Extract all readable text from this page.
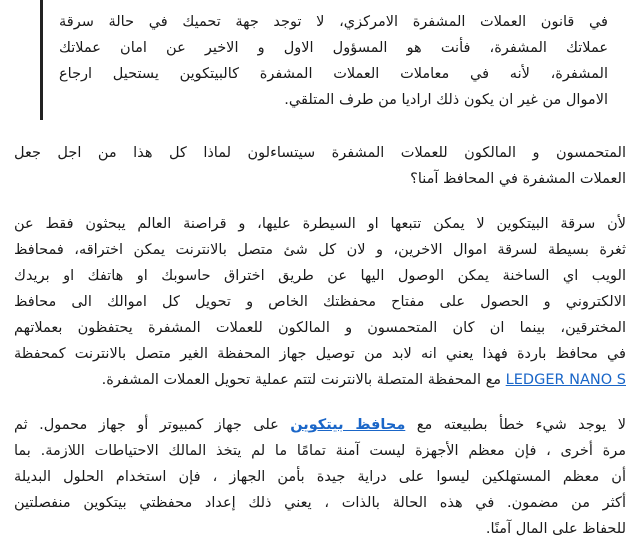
في قانون العملات المشفرة الامركزي، لا توجد جهة تحميك في حالة سرقة
عملاتك المشفرة، فأنت هو المسؤول الاول و الاخير عن امان عملاتك
المشفرة، لأنه في معاملات العملات المشفرة كالبيتكوين يستحيل ارجاع
الاموال من غير ان يكون ذلك اراديا من طرف المتلقي.
المتحمسون و المالكون للعملات المشفرة سيتساءلون لماذا كل هذا من اجل جعل
العملات المشفرة في المحافظ آمنا؟
لأن سرقة البيتكوين لا يمكن تتبعها او السيطرة عليها، و قراصنة العالم يبحثون فقط عن
ثغرة بسيطة لسرقة اموال الاخرين، و لان كل شئ متصل بالانترنت يمكن اختراقه، فمحافظ
الويب اي الساخنة يمكن الوصول اليها عن طريق اختراق حاسوبك او هاتفك او بريدك
الالكتروني و الحصول على مفتاح محفظتك الخاص و تحويل كل اموالك الى محافظ
المخترقين، بينما ان كان المتحمسون و المالكون للعملات المشفرة يحتفظون بعملاتهم
في محافظ باردة فهذا يعني انه لابد من توصيل جهاز المحفظة الغير متصل بالانترنت كمحفظة
LEDGER NANO S مع المحفظة المتصلة بالانترنت لتتم عملية تحويل العملات المشفرة.
لا يوجد شيء خطأ بطبيعته مع محافظ بيتكوين على جهاز كمبيوتر أو جهاز محمول. ثم
مرة أخرى ، فإن معظم الأجهزة ليست آمنة تمامًا ما لم يتخذ المالك الاحتياطات اللازمة. بما
أن معظم المستهلكين ليسوا على دراية جيدة بأمن الجهاز ، فإن استخدام الحلول البديلة
أكثر من مضمون. في هذه الحالة بالذات ، يعني ذلك إعداد محفظتي بيتكوين منفصلتين
للحفاظ على المال آمنًا.
